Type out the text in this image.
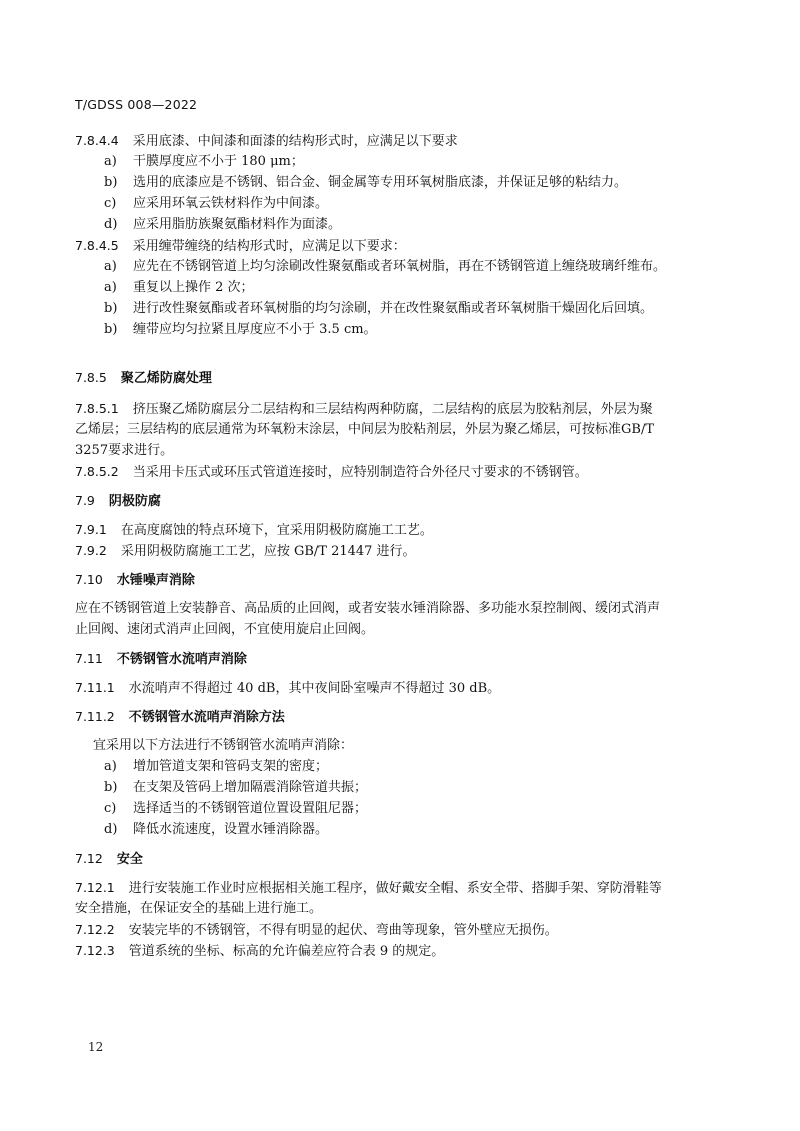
T/GDSS 008—2022
7.8.4.4 采用底漆、中间漆和面漆的结构形式时，应满足以下要求
a) 干膜厚度应不小于 180 μm；
b) 选用的底漆应是不锈钢、铝合金、铜金属等专用环氧树脂底漆，并保证足够的粘结力。
c) 应采用环氧云铁材料作为中间漆。
d) 应采用脂肪族聚氨酯材料作为面漆。
7.8.4.5 采用缠带缠绕的结构形式时，应满足以下要求：
a) 应先在不锈钢管道上均匀涂刷改性聚氨酯或者环氧树脂，再在不锈钢管道上缠绕玻璃纤维布。
a) 重复以上操作 2 次；
b) 进行改性聚氨酯或者环氧树脂的均匀涂刷，并在改性聚氨酯或者环氧树脂干燥固化后回填。
b) 缠带应均匀拉紧且厚度应不小于 3.5 cm。
7.8.5 聚乙烯防腐处理
7.8.5.1 挤压聚乙烯防腐层分二层结构和三层结构两种防腐，二层结构的底层为胶粘剂层，外层为聚
乙烯层；三层结构的底层通常为环氧粉末涂层，中间层为胶粘剂层，外层为聚乙烯层，可按标准GB/T
3257要求进行。
7.8.5.2 当采用卡压式或环压式管道连接时，应特别制造符合外径尺寸要求的不锈钢管。
7.9 阴极防腐
7.9.1 在高度腐蚀的特点环境下，宜采用阴极防腐施工工艺。
7.9.2 采用阴极防腐施工工艺，应按 GB/T 21447 进行。
7.10 水锤噪声消除
应在不锈钢管道上安装静音、高品质的止回阀，或者安装水锤消除器、多功能水泵控制阀、缓闭式消声
止回阀、速闭式消声止回阀，不宜使用旋启止回阀。
7.11 不锈钢管水流哨声消除
7.11.1 水流哨声不得超过 40 dB，其中夜间卧室噪声不得超过 30 dB。
7.11.2 不锈钢管水流哨声消除方法
宜采用以下方法进行不锈钢管水流哨声消除：
a) 增加管道支架和管码支架的密度；
b) 在支架及管码上增加隔震消除管道共振；
c) 选择适当的不锈钢管道位置设置阻尼器；
d) 降低水流速度，设置水锤消除器。
7.12 安全
7.12.1 进行安装施工作业时应根据相关施工程序，做好戴安全帽、系安全带、搭脚手架、穿防滑鞋等
安全措施，在保证安全的基础上进行施工。
7.12.2 安装完毕的不锈钢管，不得有明显的起伏、弯曲等现象，管外壁应无损伤。
7.12.3 管道系统的坐标、标高的允许偏差应符合表 9 的规定。
12
